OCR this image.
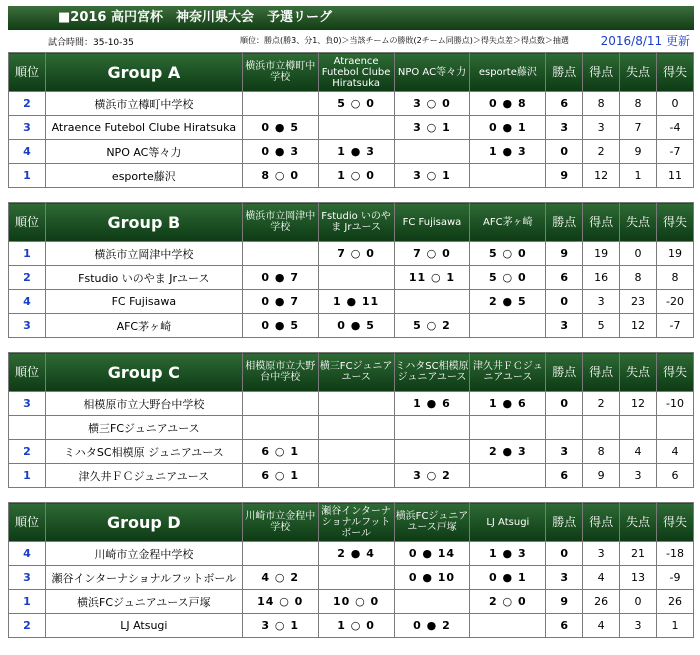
■2016 高円宮杯　神奈川県大会　予選リーグ
試合時間：35-10-35	順位：勝点(勝3、分1、負0)＞当該チームの勝敗(2チーム同勝点)＞得失点差＞得点数＞抽選	2016/8/11 更新
順位	Group A	横浜市立樽町中学校	Atraence Futebol Clube Hiratsuka	NPO AC等々力	esporte藤沢	勝点	得点	失点	得失
2	横浜市立樽町中学校		5 ○ 0	3 ○ 0	0 ● 8	6	8	8	0
3	Atraence Futebol Clube Hiratsuka	0 ● 5		3 ○ 1	0 ● 1	3	3	7	-4
4	NPO AC等々力	0 ● 3	1 ● 3		1 ● 3	0	2	9	-7
1	esporte藤沢	8 ○ 0	1 ○ 0	3 ○ 1		9	12	1	11
順位	Group B	横浜市立岡津中学校	Fstudio いのやま Jrユース	FC Fujisawa	AFC茅ヶ崎	勝点	得点	失点	得失
1	横浜市立岡津中学校		7 ○ 0	7 ○ 0	5 ○ 0	9	19	0	19
2	Fstudio いのやま Jrユース	0 ● 7		11 ○ 1	5 ○ 0	6	16	8	8
4	FC Fujisawa	0 ● 7	1 ● 11		2 ● 5	0	3	23	-20
3	AFC茅ヶ崎	0 ● 5	0 ● 5	5 ○ 2		3	5	12	-7
順位	Group C	相模原市立大野台中学校	横三FCジュニアユース	ミハタSC相模原 ジュニアユース	津久井ＦＣジュニアユース	勝点	得点	失点	得失
3	相模原市立大野台中学校			1 ● 6	1 ● 6	0	2	12	-10
	横三FCジュニアユース								
2	ミハタSC相模原 ジュニアユース	6 ○ 1			2 ● 3	3	8	4	4
1	津久井ＦＣジュニアユース	6 ○ 1		3 ○ 2		6	9	3	6
順位	Group D	川崎市立金程中学校	瀬谷インターナショナルフットボール	横浜FCジュニアユース戸塚	LJ Atsugi	勝点	得点	失点	得失
4	川崎市立金程中学校		2 ● 4	0 ● 14	1 ● 3	0	3	21	-18
3	瀬谷インターナショナルフットボール	4 ○ 2		0 ● 10	0 ● 1	3	4	13	-9
1	横浜FCジュニアユース戸塚	14 ○ 0	10 ○ 0		2 ○ 0	9	26	0	26
2	LJ Atsugi	3 ○ 1	1 ○ 0	0 ● 2		6	4	3	1
